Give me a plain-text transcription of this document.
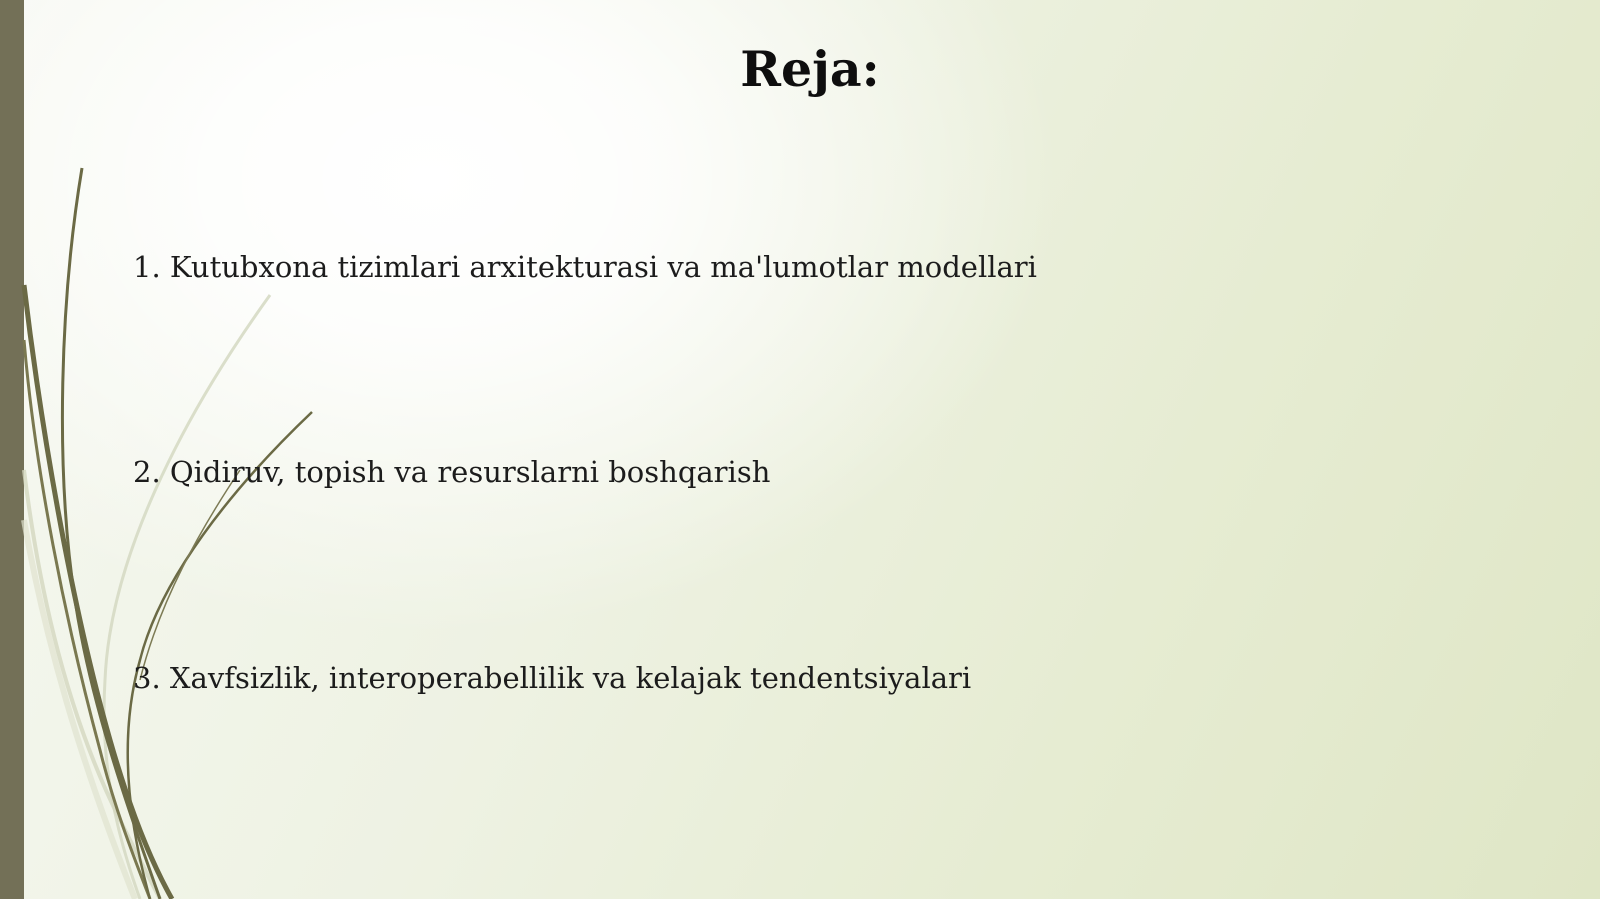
Reja:
1. Kutubxona tizimlari arxitekturasi va ma'lumotlar modellari
2. Qidiruv, topish va resurslarni boshqarish
3. Xavfsizlik, interoperabellilik va kelajak tendentsiyalari
